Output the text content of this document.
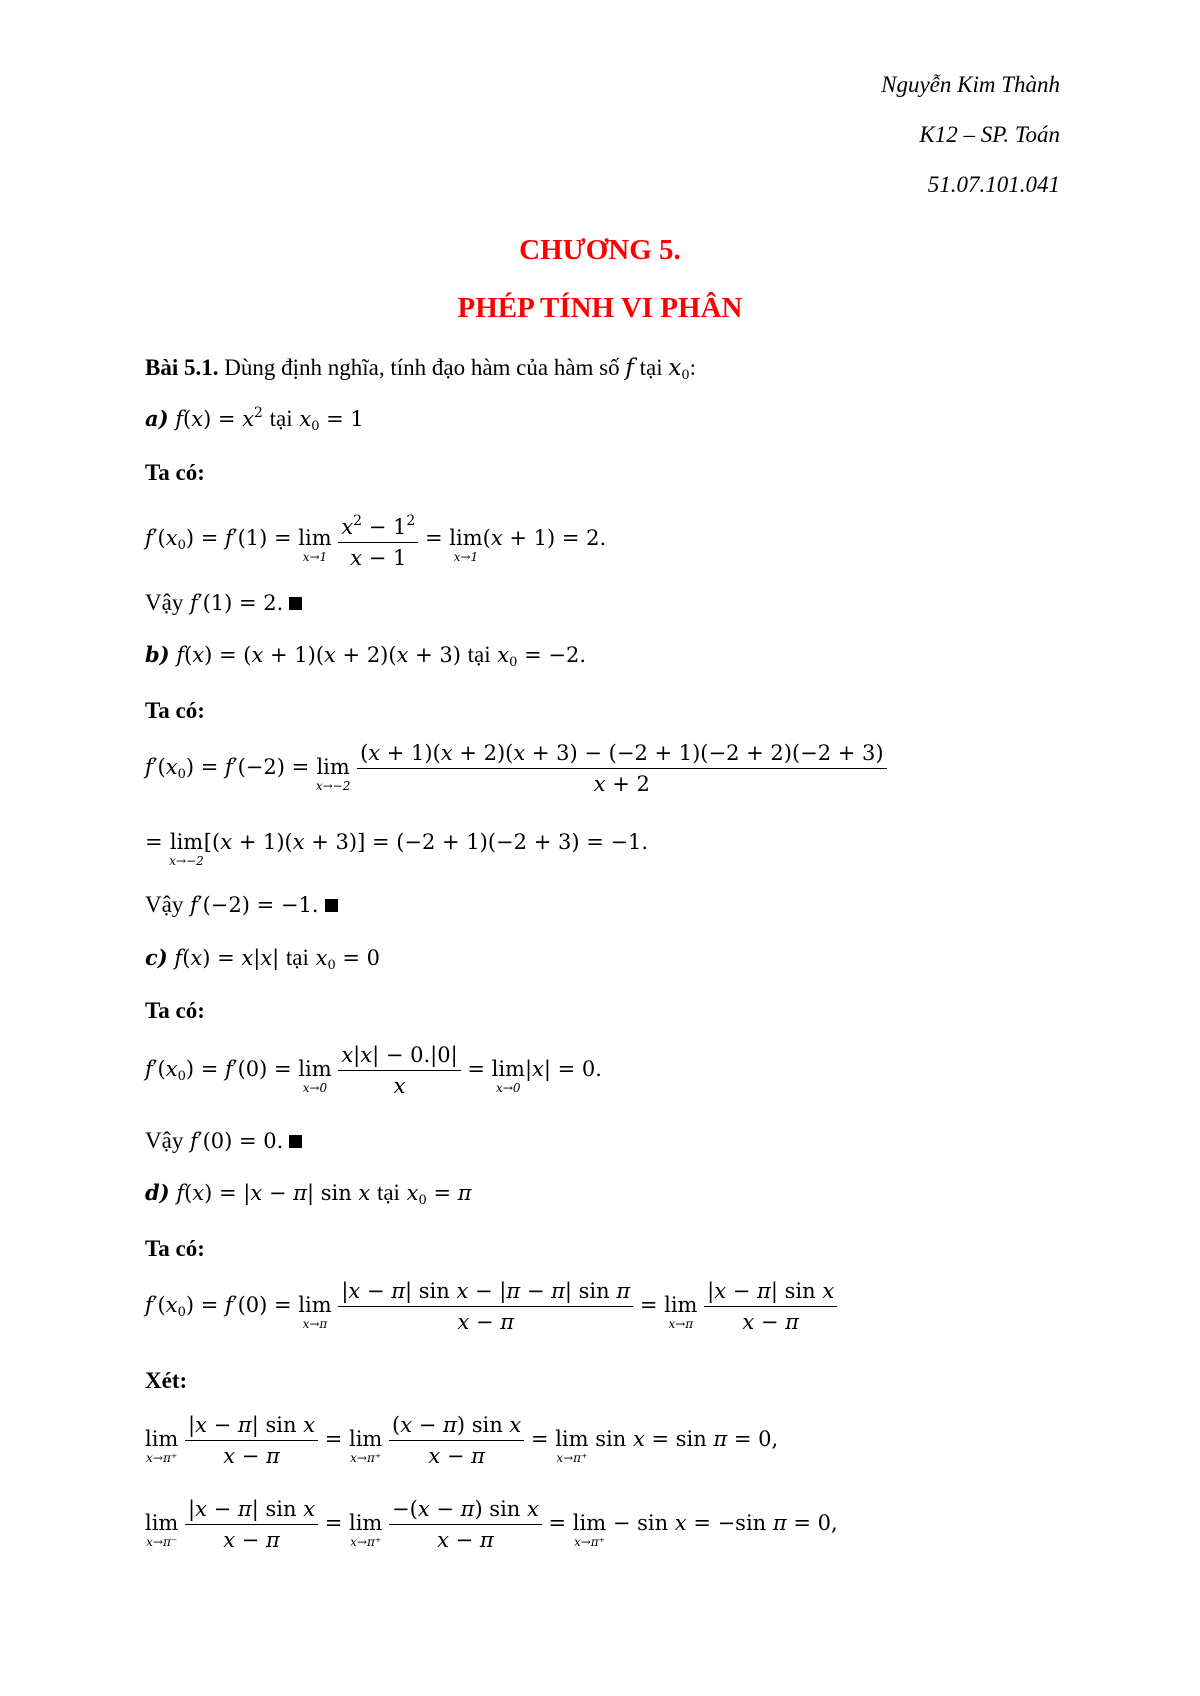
Nguyễn Kim Thành
K12 – SP. Toán
51.07.101.041
CHƯƠNG 5.
PHÉP TÍNH VI PHÂN
Bài 5.1. Dùng định nghĩa, tính đạo hàm của hàm số f tại $x_0$:
a) $f(x) = x^2$ tại $x_0 = 1$
Ta có:
$f'(x_0) = f'(1) = \lim$
x→1
$\frac{x^2 - 1^2}{x - 1} = \lim$
x→1
(x + 1) = 2.
Vậy f′(1) = 2.
b) f(x) = (x + 1)(x + 2)(x + 3) tại $x_0 = -2$.
Ta có:
$f'(x_0) = f'(-2) = \lim$
x→−2
$\frac{(x + 1)(x + 2)(x + 3) - (-2 + 1)(-2 + 2)(-2 + 3)}{x + 2}$
= lim
x→−2
[(x + 1)(x + 3)] = (−2 + 1)(−2 + 3) = −1.
Vậy f′(−2) = −1.
c) f(x) = x|x| tại $x_0 = 0$
Ta có:
$f'(x_0) = f'(0) = \lim$
x→0
$\frac{x|x| - 0.|0|}{x} = \lim$
x→0
|x| = 0.
Vậy f′(0) = 0.
d) f(x) = |x − π| sin x tại $x_0 = \pi$
Ta có:
$f'(x_0) = f'(0) = \lim$
x→π
$\frac{\text{|x − π| sin x − |π − π| sin π}}{x - \pi} = \lim$
x→π
$\frac{\text{|x − π| sin x}}{x - \pi}$
Xét:
lim
x→π⁺
$\frac{\text{|x − π| sin x}}{x - \pi} = \lim$
x→π⁺
$\frac{\text{(x − π) sin x}}{x - \pi} = \lim$
x→π⁺
sin x = sin π = 0,
lim
x→π⁻
$\frac{\text{|x − π| sin x}}{x - \pi} = \lim$
x→π⁺
$\frac{\text{−(x − π) sin x}}{x - \pi} = \lim$
x→π⁺
− sin x = −sin π = 0,
